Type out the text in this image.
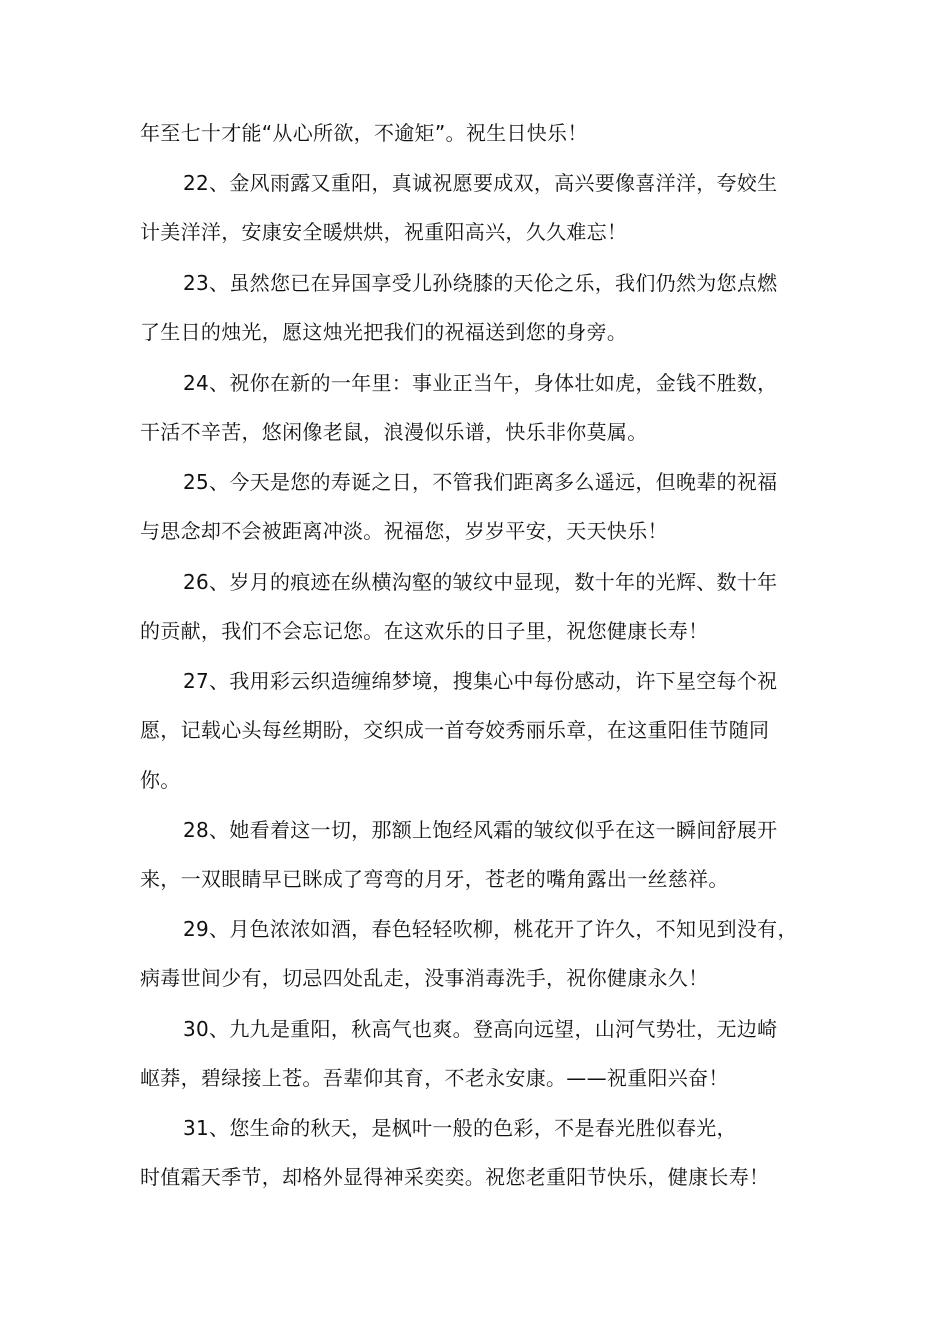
年至七十才能“从心所欲，不逾矩”。祝生日快乐！
22、金风雨露又重阳，真诚祝愿要成双，高兴要像喜洋洋，夸姣生
计美洋洋，安康安全暖烘烘，祝重阳高兴，久久难忘！
23、虽然您已在异国享受儿孙绕膝的天伦之乐，我们仍然为您点燃
了生日的烛光，愿这烛光把我们的祝福送到您的身旁。
24、祝你在新的一年里：事业正当午，身体壮如虎，金钱不胜数，
干活不辛苦，悠闲像老鼠，浪漫似乐谱，快乐非你莫属。
25、今天是您的寿诞之日，不管我们距离多么遥远，但晚辈的祝福
与思念却不会被距离冲淡。祝福您，岁岁平安，天天快乐！
26、岁月的痕迹在纵横沟壑的皱纹中显现，数十年的光辉、数十年
的贡献，我们不会忘记您。在这欢乐的日子里，祝您健康长寿！
27、我用彩云织造缠绵梦境，搜集心中每份感动，许下星空每个祝
愿，记载心头每丝期盼，交织成一首夸姣秀丽乐章，在这重阳佳节随同
你。
28、她看着这一切，那额上饱经风霜的皱纹似乎在这一瞬间舒展开
来，一双眼睛早已眯成了弯弯的月牙，苍老的嘴角露出一丝慈祥。
29、月色浓浓如酒，春色轻轻吹柳，桃花开了许久，不知见到没有，
病毒世间少有，切忌四处乱走，没事消毒洗手，祝你健康永久！
30、九九是重阳，秋高气也爽。登高向远望，山河气势壮，无边崎
岖莽，碧绿接上苍。吾辈仰其育，不老永安康。——祝重阳兴奋！
31、您生命的秋天，是枫叶一般的色彩，不是春光胜似春光，
时值霜天季节，却格外显得神采奕奕。祝您老重阳节快乐，健康长寿！
